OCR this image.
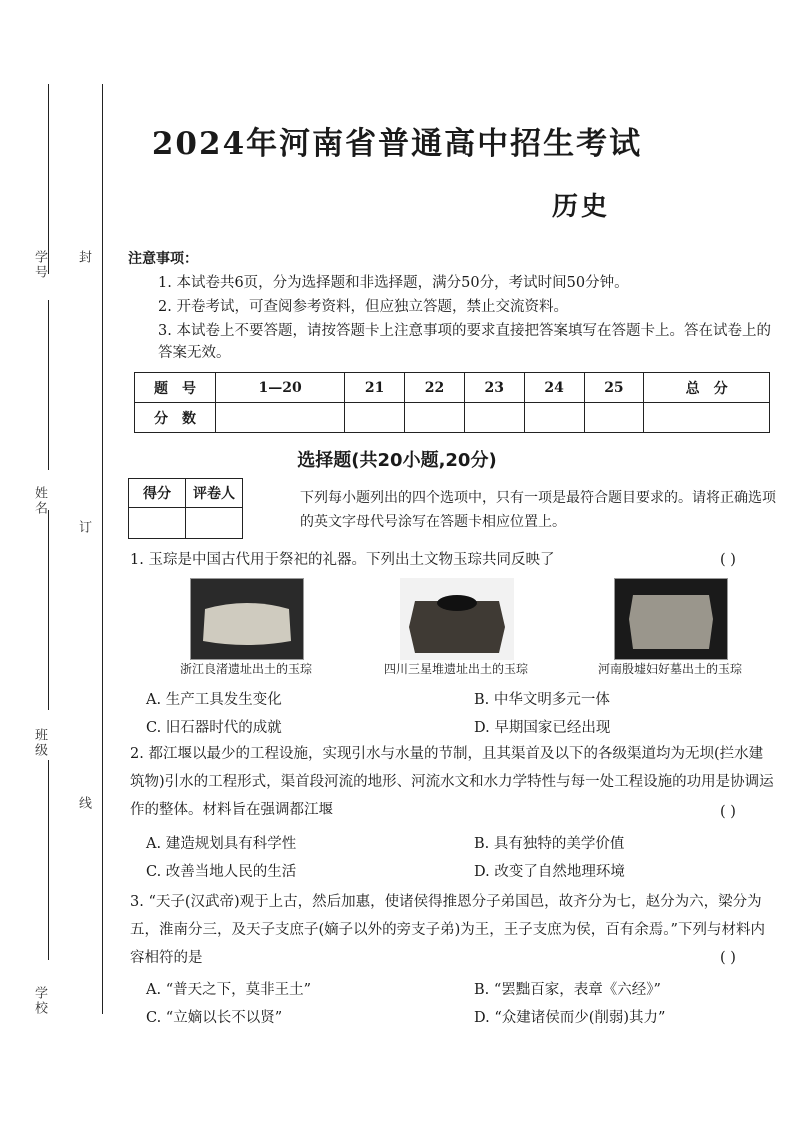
学号 封
姓名
订
班级
线
学校
2024年河南省普通高中招生考试
历史
注意事项：
1. 本试卷共6页，分为选择题和非选择题，满分50分，考试时间50分钟。
2. 开卷考试，可查阅参考资料，但应独立答题，禁止交流资料。
3. 本试卷上不要答题，请按答题卡上注意事项的要求直接把答案填写在答题卡上。答在试卷上的答案无效。
题　号	1—20	21	22	23	24	25	总　分
分　数							
选择题(共20小题,20分)
得分	评卷人
		下列每小题列出的四个选项中，只有一项是最符合题目要求的。请将正确选项的英文字母代号涂写在答题卡相应位置上。
1. 玉琮是中国古代用于祭祀的礼器。下列出土文物玉琮共同反映了	( )
浙江良渚遗址出土的玉琮	四川三星堆遗址出土的玉琮	河南殷墟妇好墓出土的玉琮
A. 生产工具发生变化	B. 中华文明多元一体
C. 旧石器时代的成就	D. 早期国家已经出现
2. 都江堰以最少的工程设施，实现引水与水量的节制，且其渠首及以下的各级渠道均为无坝(拦水建筑物)引水的工程形式，渠首段河流的地形、河流水文和水力学特性与每一处工程设施的功用是协调运作的整体。材料旨在强调都江堰	( )
A. 建造规划具有科学性	B. 具有独特的美学价值
C. 改善当地人民的生活	D. 改变了自然地理环境
3. “天子(汉武帝)观于上古，然后加惠，使诸侯得推恩分子弟国邑，故齐分为七，赵分为六，梁分为五，淮南分三，及天子支庶子(嫡子以外的旁支子弟)为王，王子支庶为侯，百有余焉。”下列与材料内容相符的是	( )
A. “普天之下，莫非王土”	B. “罢黜百家，表章《六经》”
C. “立嫡以长不以贤”	D. “众建诸侯而少(削弱)其力”
